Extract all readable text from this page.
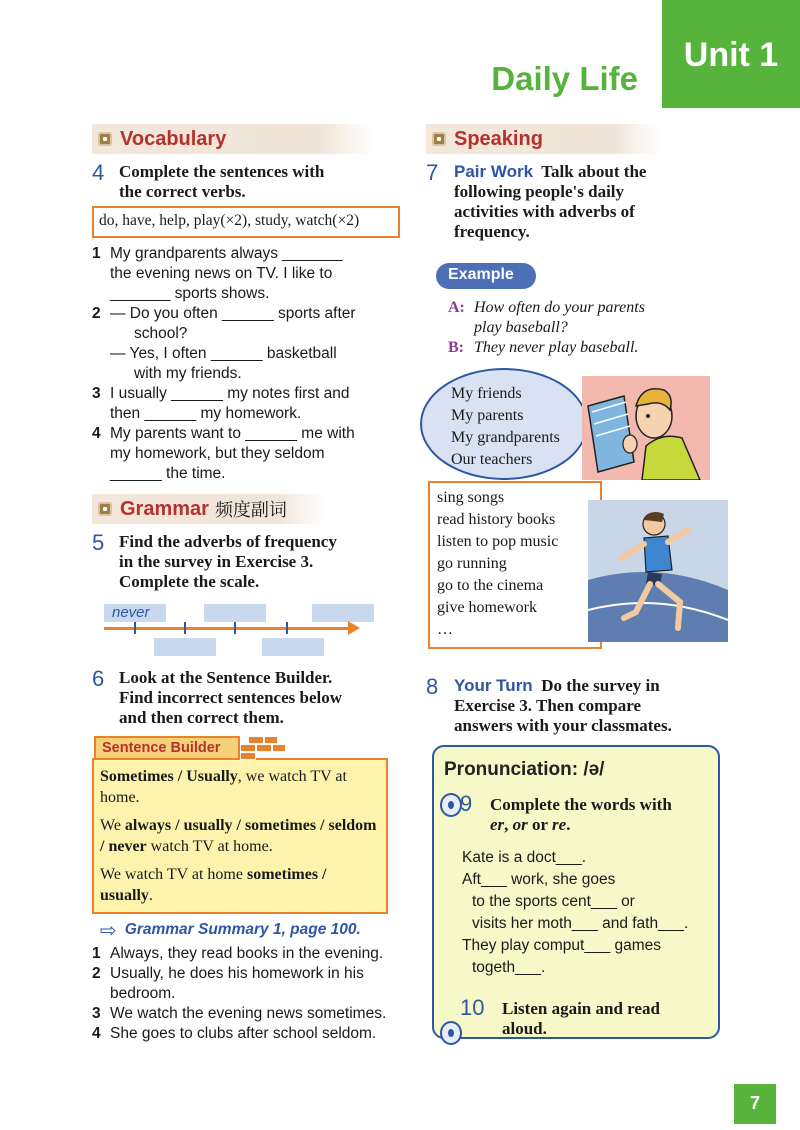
Unit 1
Daily Life
Vocabulary
4 Complete the sentences with
the correct verbs.
do, have, help, play(×2), study, watch(×2)
1 My grandparents always _______
the evening news on TV. I like to
_______ sports shows.
2 — Do you often ______ sports after
school?
— Yes, I often ______ basketball
with my friends.
3 I usually ______ my notes first and
then ______ my homework.
4 My parents want to ______ me with
my homework, but they seldom
______ the time.
Grammar 频度副词
5 Find the adverbs of frequency
in the survey in Exercise 3.
Complete the scale.
never
6 Look at the Sentence Builder.
Find incorrect sentences below
and then correct them.

Sometimes / Usually, we watch TV at home.

We always / usually / sometimes / seldom / never watch TV at home.

We watch TV at home sometimes / usually.

Sentence Builder
⇨ Grammar Summary 1, page 100.
1 Always, they read books in the evening.
2 Usually, he does his homework in his
bedroom.
3 We watch the evening news sometimes.
4 She goes to clubs after school seldom.
Speaking
7 Pair Work Talk about the
following people's daily
activities with adverbs of
frequency.
Example
A: How often do your parents
play baseball?
B: They never play baseball.
My friends
My parents
My grandparents
Our teachers
sing songs
read history books
listen to pop music
go running
go to the cinema
give homework
…
8 Your Turn Do the survey in
Exercise 3. Then compare
answers with your classmates.
Pronunciation: /ə/
9 Complete the words with
er, or or re.
Kate is a doct___.
Aft___ work, she goes
to the sports cent___ or
visits her moth___ and fath___.
They play comput___ games
togeth___.
10 Listen again and read
aloud.
7
